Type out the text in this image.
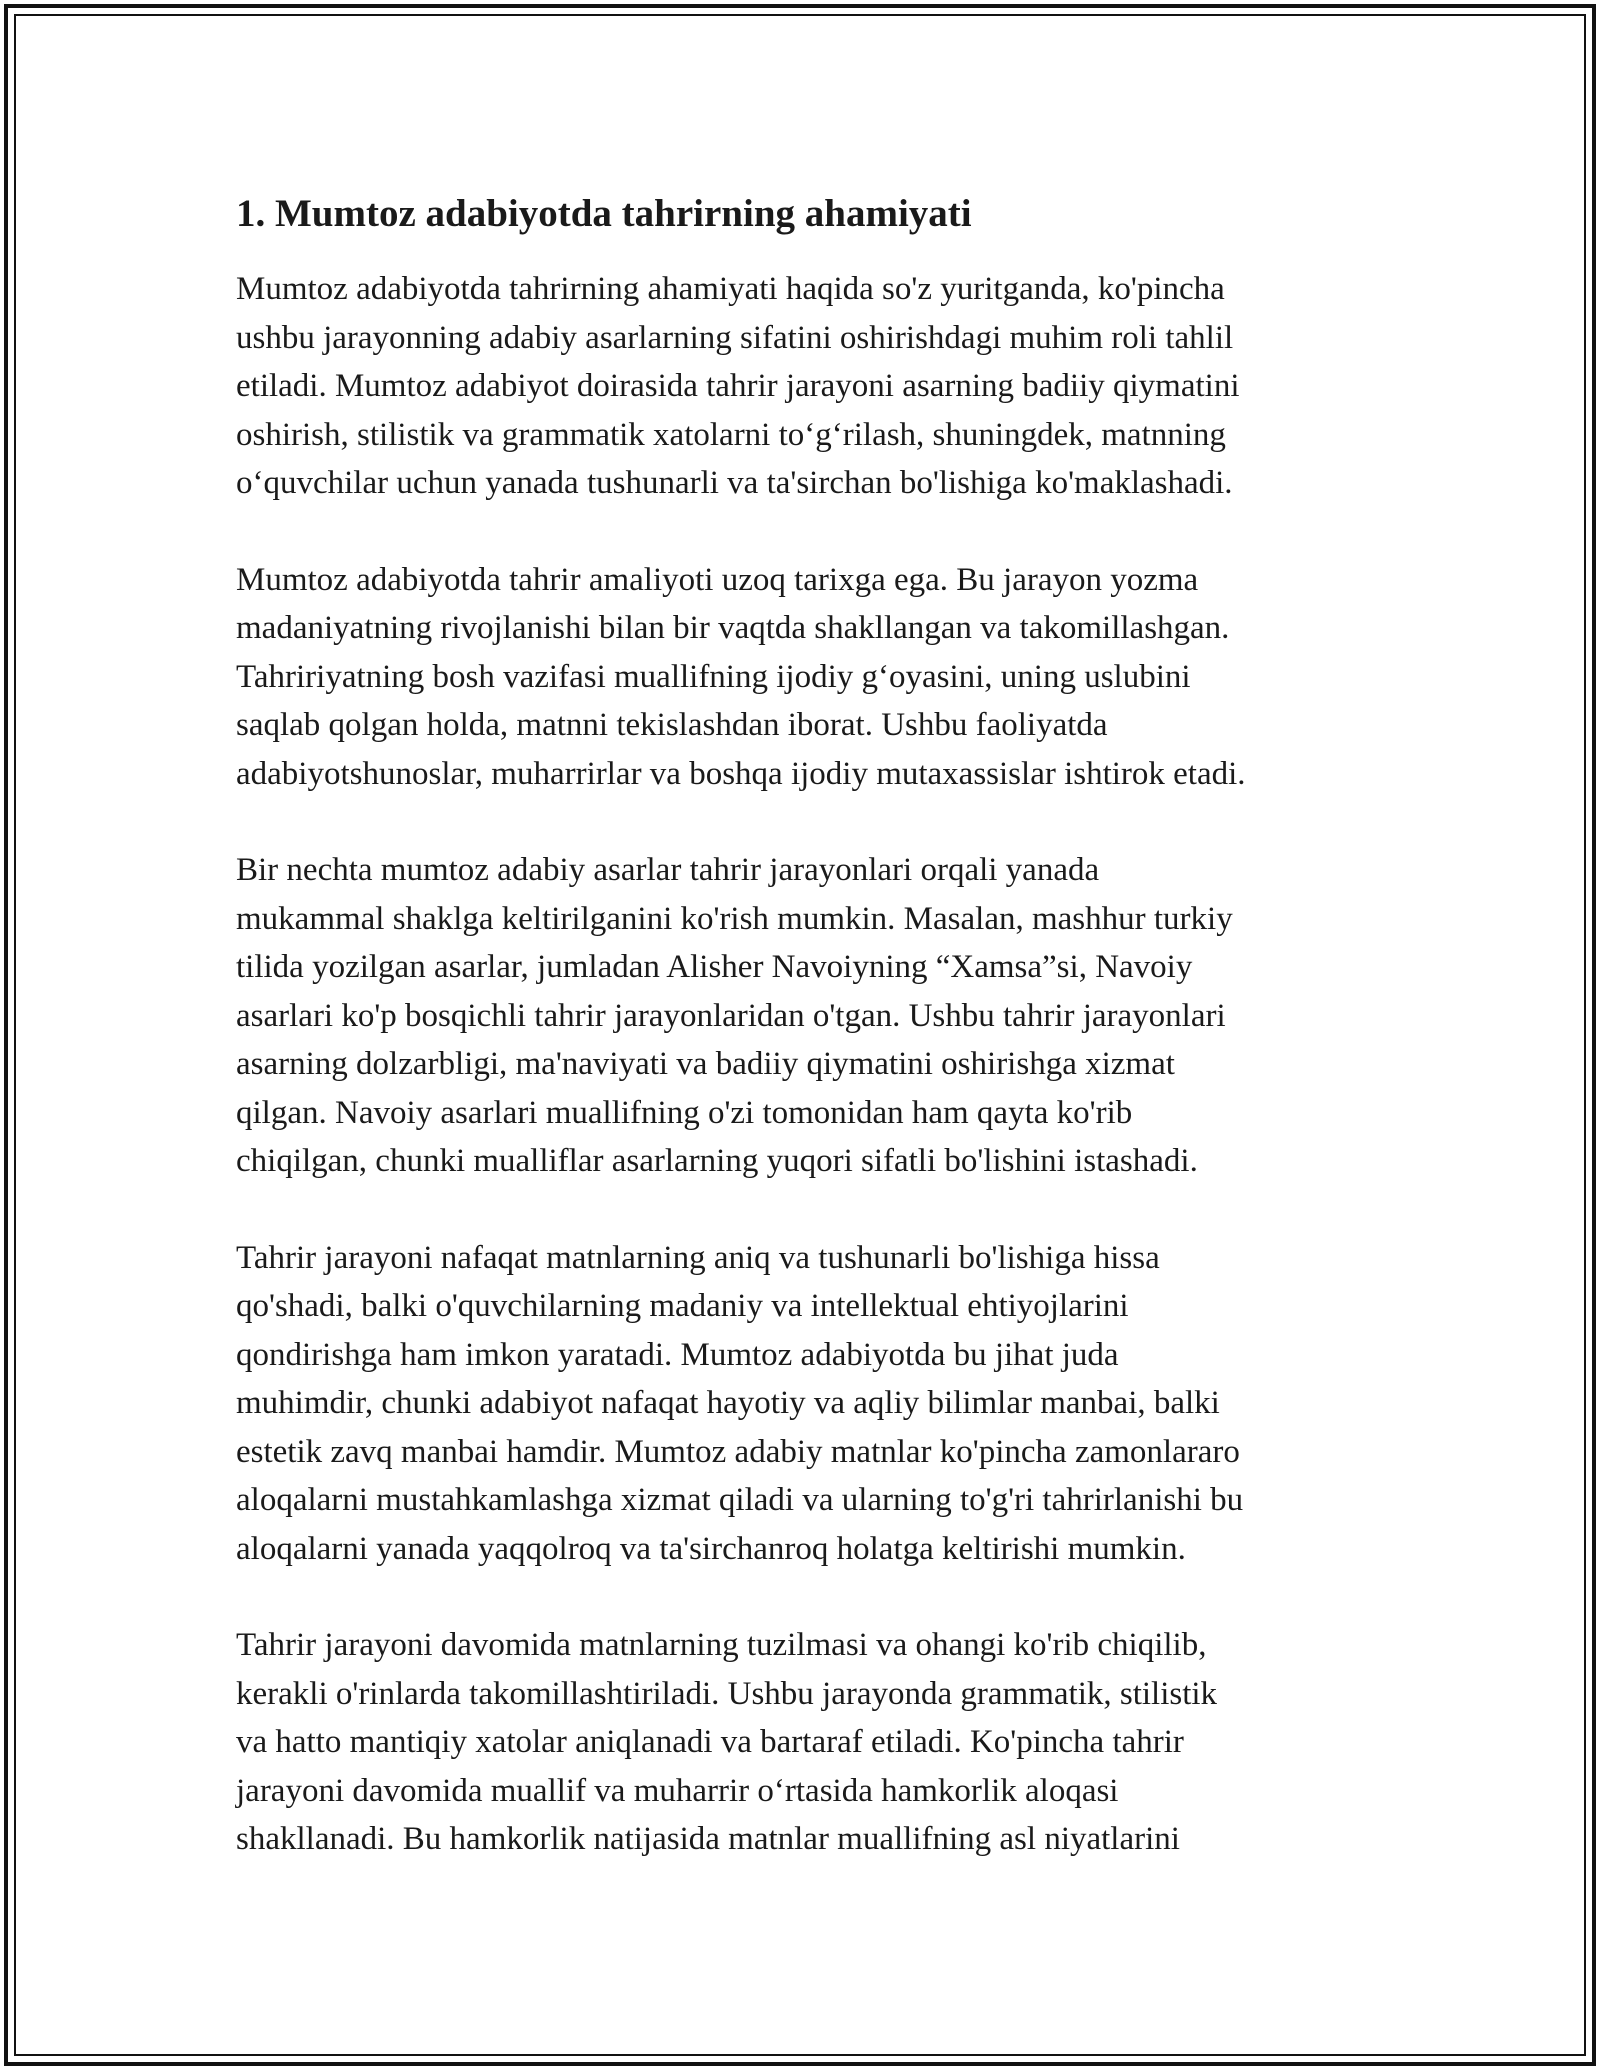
1. Mumtoz adabiyotda tahrirning ahamiyati

Mumtoz adabiyotda tahrirning ahamiyati haqida so'z yuritganda, ko'pincha
ushbu jarayonning adabiy asarlarning sifatini oshirishdagi muhim roli tahlil
etiladi. Mumtoz adabiyot doirasida tahrir jarayoni asarning badiiy qiymatini
oshirish, stilistik va grammatik xatolarni to‘g‘rilash, shuningdek, matnning
o‘quvchilar uchun yanada tushunarli va ta'sirchan bo'lishiga ko'maklashadi.

Mumtoz adabiyotda tahrir amaliyoti uzoq tarixga ega. Bu jarayon yozma
madaniyatning rivojlanishi bilan bir vaqtda shakllangan va takomillashgan.
Tahririyatning bosh vazifasi muallifning ijodiy g‘oyasini, uning uslubini
saqlab qolgan holda, matnni tekislashdan iborat. Ushbu faoliyatda
adabiyotshunoslar, muharrirlar va boshqa ijodiy mutaxassislar ishtirok etadi.

Bir nechta mumtoz adabiy asarlar tahrir jarayonlari orqali yanada
mukammal shaklga keltirilganini ko'rish mumkin. Masalan, mashhur turkiy
tilida yozilgan asarlar, jumladan Alisher Navoiyning “Xamsa”si, Navoiy
asarlari ko'p bosqichli tahrir jarayonlaridan o'tgan. Ushbu tahrir jarayonlari
asarning dolzarbligi, ma'naviyati va badiiy qiymatini oshirishga xizmat
qilgan. Navoiy asarlari muallifning o'zi tomonidan ham qayta ko'rib
chiqilgan, chunki mualliflar asarlarning yuqori sifatli bo'lishini istashadi.

Tahrir jarayoni nafaqat matnlarning aniq va tushunarli bo'lishiga hissa
qo'shadi, balki o'quvchilarning madaniy va intellektual ehtiyojlarini
qondirishga ham imkon yaratadi. Mumtoz adabiyotda bu jihat juda
muhimdir, chunki adabiyot nafaqat hayotiy va aqliy bilimlar manbai, balki
estetik zavq manbai hamdir. Mumtoz adabiy matnlar ko'pincha zamonlararo
aloqalarni mustahkamlashga xizmat qiladi va ularning to'g'ri tahrirlanishi bu
aloqalarni yanada yaqqolroq va ta'sirchanroq holatga keltirishi mumkin.

Tahrir jarayoni davomida matnlarning tuzilmasi va ohangi ko'rib chiqilib,
kerakli o'rinlarda takomillashtiriladi. Ushbu jarayonda grammatik, stilistik
va hatto mantiqiy xatolar aniqlanadi va bartaraf etiladi. Ko'pincha tahrir
jarayoni davomida muallif va muharrir o‘rtasida hamkorlik aloqasi
shakllanadi. Bu hamkorlik natijasida matnlar muallifning asl niyatlarini
